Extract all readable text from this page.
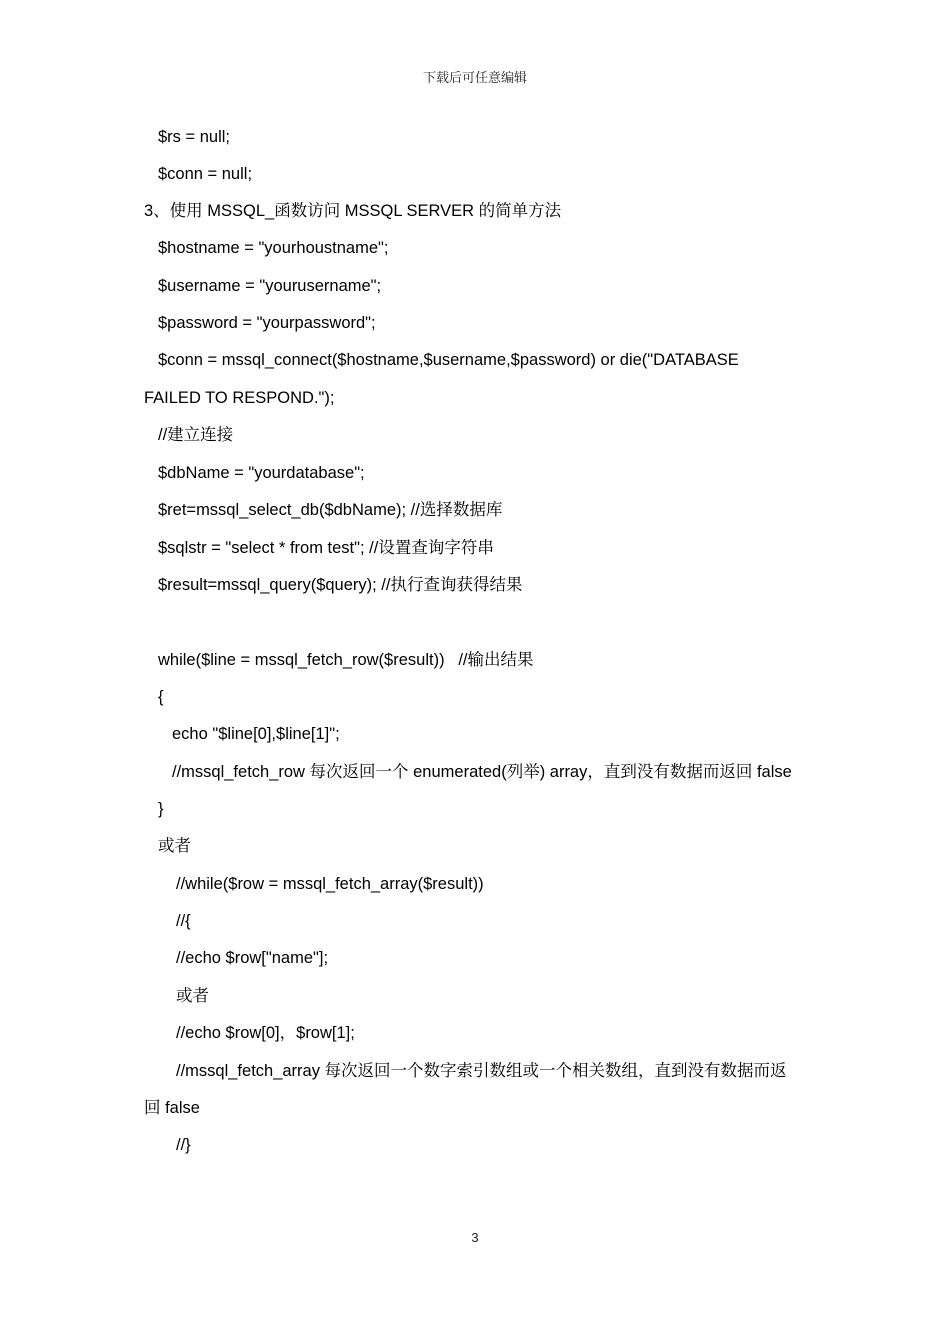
下载后可任意编辑
$rs = null;
$conn = null;
3、使用 MSSQL_函数访问 MSSQL SERVER 的简单方法
$hostname = "yourhoustname";
$username = "yourusername";
$password = "yourpassword";
$conn = mssql_connect($hostname,$username,$password) or die("DATABASE
FAILED TO RESPOND.");
//建立连接
$dbName = "yourdatabase";
$ret=mssql_select_db($dbName); //选择数据库
$sqlstr = "select * from test"; //设置查询字符串
$result=mssql_query($query); //执行查询获得结果
while($line = mssql_fetch_row($result))   //输出结果
{
echo "$line[0],$line[1]";
//mssql_fetch_row 每次返回一个 enumerated(列举) array，直到没有数据而返回 false
}
或者
//while($row = mssql_fetch_array($result))
//{
//echo $row["name"];
或者
//echo $row[0]，$row[1];
//mssql_fetch_array 每次返回一个数字索引数组或一个相关数组，直到没有数据而返
回 false
//}
3
